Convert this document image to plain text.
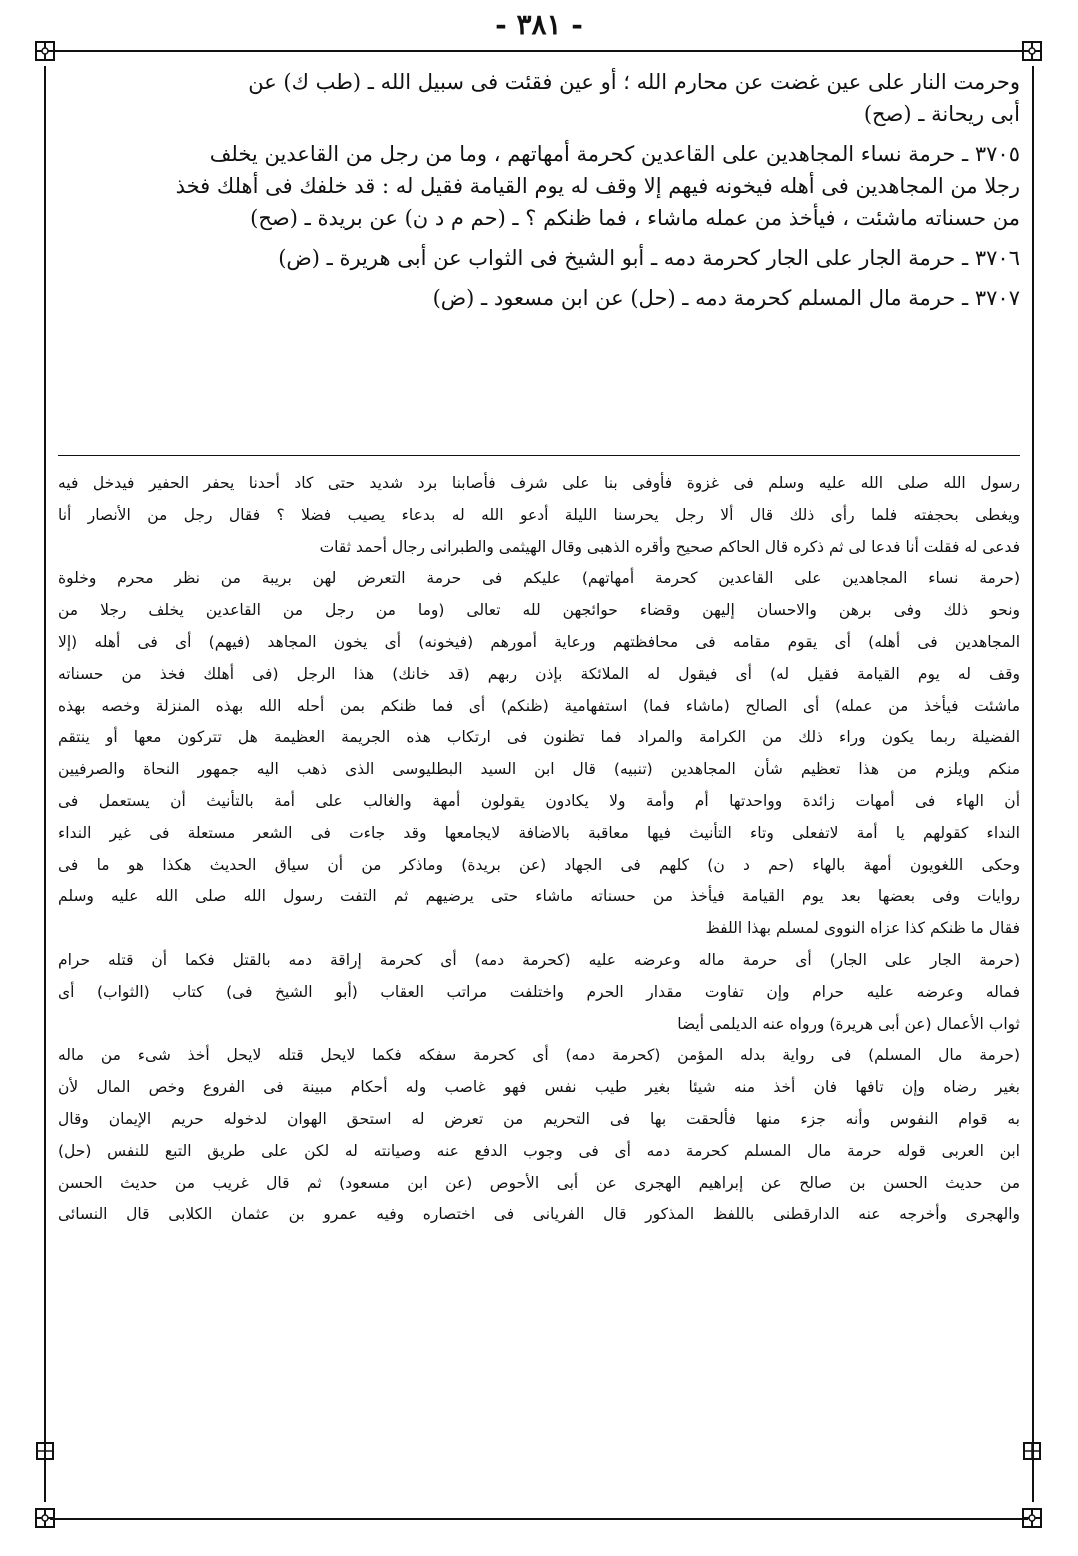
- ٣٨١ -
وحرمت النار على عين غضت عن محارم الله ؛ أو عين فقئت فى سبيل الله ـ (طب ك) عن
أبى ريحانة ـ (صح)
٣٧٠٥ ـ حرمة نساء المجاهدين على القاعدين كحرمة أمهاتهم ، وما من رجل من القاعدين يخلف
رجلا من المجاهدين فى أهله فيخونه فيهم إلا وقف له يوم القيامة فقيل له : قد خلفك فى أهلك فخذ
من حسناته ماشئت ، فيأخذ من عمله ماشاء ، فما ظنكم ؟ ـ (حم م د ن) عن بريدة ـ (صح)
٣٧٠٦ ـ حرمة الجار على الجار كحرمة دمه ـ أبو الشيخ فى الثواب عن أبى هريرة ـ (ض)
٣٧٠٧ ـ حرمة مال المسلم كحرمة دمه ـ (حل) عن ابن مسعود ـ (ض)
رسول الله صلى الله عليه وسلم فى غزوة فأوفى بنا على شرف فأصابنا برد شديد حتى كاد أحدنا يحفر الحفير فيدخل فيه
ويغطى بحجفته فلما رأى ذلك قال ألا رجل يحرسنا الليلة أدعو الله له بدعاء يصيب فضلا ؟ فقال رجل من الأنصار أنا
فدعى له فقلت أنا فدعا لى ثم ذكره قال الحاكم صحيح وأقره الذهبى وقال الهيثمى والطبرانى رجال أحمد ثقات
(حرمة نساء المجاهدين على القاعدين كحرمة أمهاتهم) عليكم فى حرمة التعرض لهن بريبة من نظر محرم وخلوة
ونحو ذلك وفى برهن والاحسان إليهن وقضاء حوائجهن لله تعالى (وما من رجل من القاعدين يخلف رجلا من
المجاهدين فى أهله) أى يقوم مقامه فى محافظتهم ورعاية أمورهم (فيخونه) أى يخون المجاهد (فيهم) أى فى أهله (إلا
وقف له يوم القيامة فقيل له) أى فيقول له الملائكة بإذن ربهم (قد خانك) هذا الرجل (فى أهلك فخذ من حسناته
ماشئت فيأخذ من عمله) أى الصالح (ماشاء فما) استفهامية (ظنكم) أى فما ظنكم بمن أحله الله بهذه المنزلة وخصه بهذه
الفضيلة ربما يكون وراء ذلك من الكرامة والمراد فما تظنون فى ارتكاب هذه الجريمة العظيمة هل تتركون معها أو ينتقم
منكم ويلزم من هذا تعظيم شأن المجاهدين (تنبيه) قال ابن السيد البطليوسى الذى ذهب اليه جمهور النحاة والصرفيين
أن الهاء فى أمهات زائدة وواحدتها أم وأمة ولا يكادون يقولون أمهة والغالب على أمة بالتأنيث أن يستعمل فى
النداء كقولهم يا أمة لاتفعلى وتاء التأنيث فيها معاقبة بالاضافة لايجامعها وقد جاءت فى الشعر مستعلة فى غير النداء
وحكى اللغويون أمهة بالهاء (حم د ن) كلهم فى الجهاد (عن بريدة) وماذكر من أن سياق الحديث هكذا هو ما فى
روايات وفى بعضها بعد يوم القيامة فيأخذ من حسناته ماشاء حتى يرضيهم ثم التفت رسول الله صلى الله عليه وسلم
فقال ما ظنكم كذا عزاه النووى لمسلم بهذا اللفظ
(حرمة الجار على الجار) أى حرمة ماله وعرضه عليه (كحرمة دمه) أى كحرمة إراقة دمه بالقتل فكما أن قتله حرام
فماله وعرضه عليه حرام وإن تفاوت مقدار الحرم واختلفت مراتب العقاب (أبو الشيخ فى) كتاب (الثواب) أى
ثواب الأعمال (عن أبى هريرة) ورواه عنه الديلمى أيضا
(حرمة مال المسلم) فى رواية بدله المؤمن (كحرمة دمه) أى كحرمة سفكه فكما لايحل قتله لايحل أخذ شىء من ماله
بغير رضاه وإن تافها فان أخذ منه شيئا بغير طيب نفس فهو غاصب وله أحكام مبينة فى الفروع وخص المال لأن
به قوام النفوس وأنه جزء منها فألحقت بها فى التحريم من تعرض له استحق الهوان لدخوله حريم الإيمان وقال
ابن العربى قوله حرمة مال المسلم كحرمة دمه أى فى وجوب الدفع عنه وصيانته له لكن على طريق التبع للنفس (حل)
من حديث الحسن بن صالح عن إبراهيم الهجرى عن أبى الأحوص (عن ابن مسعود) ثم قال غريب من حديث الحسن
والهجرى وأخرجه عنه الدارقطنى باللفظ المذكور قال الفريانى فى اختصاره وفيه عمرو بن عثمان الكلابى قال النسائى
